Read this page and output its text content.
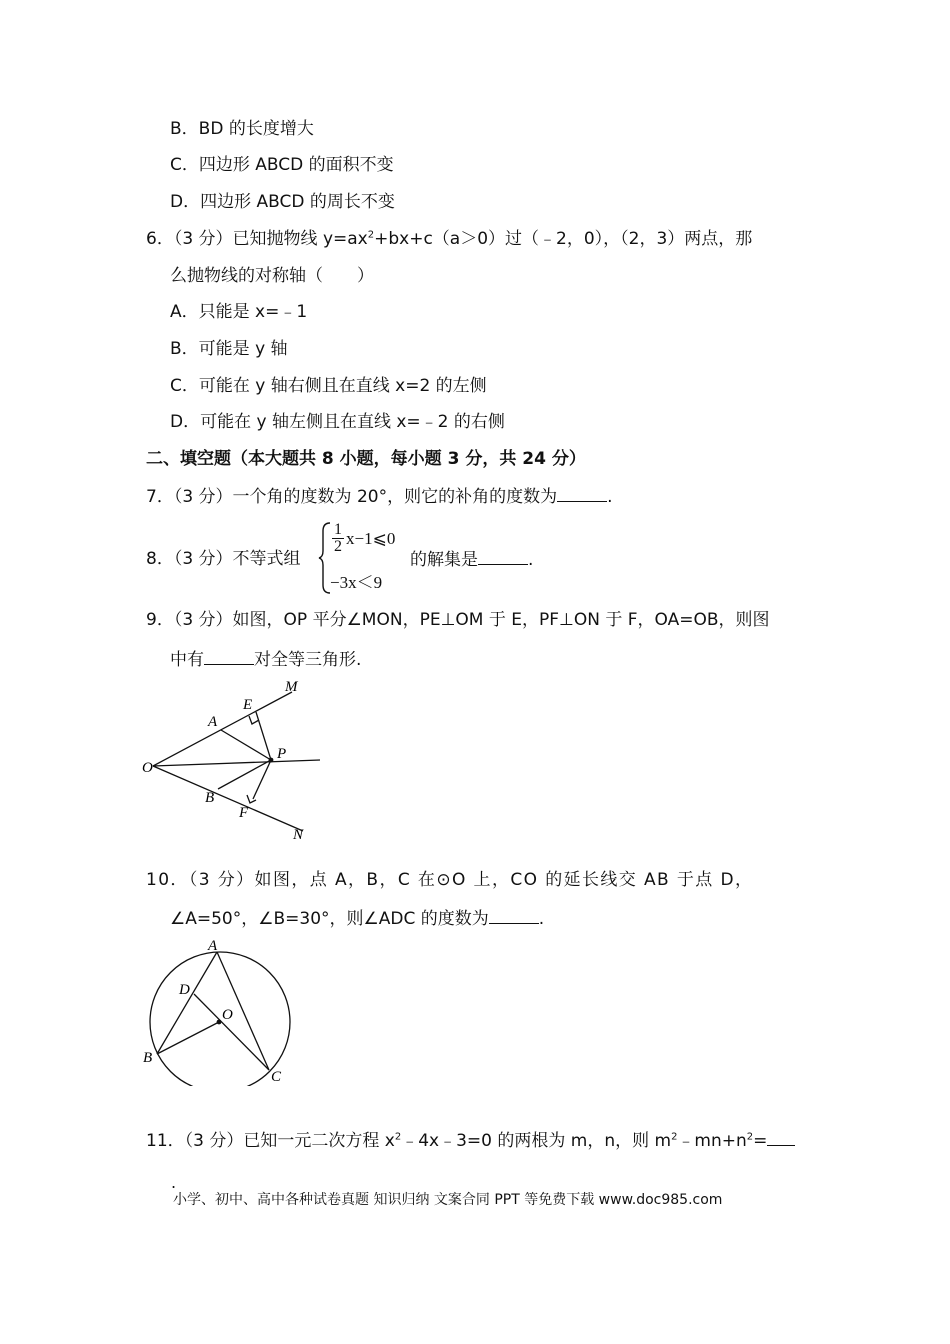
B．BD 的长度增大
C．四边形 ABCD 的面积不变
D．四边形 ABCD 的周长不变
6．（3 分）已知抛物线 $y=ax^2+bx+c(a>0)$过（﹣2，0），（2，3）两点，那
么抛物线的对称轴（　　）
A．只能是 x=﹣1
B．可能是 y 轴
C．可能在 y 轴右侧且在直线 x=2 的左侧
D．可能在 y 轴左侧且在直线 x=﹣2 的右侧
二、填空题（本大题共 8 小题，每小题 3 分，共 24 分）
7．（3 分）一个角的度数为 20°，则它的补角的度数为	.
8．（3 分）不等式组
$\frac{1}{2}$ x−1⩽0
−3x＜9
的解集是	.
9．（3 分）如图，OP 平分∠MON，PE⊥OM 于 E，PF⊥ON 于 F，OA=OB，则图
中有	对全等三角形.
O
A
B
E
F
M
N
P
10．（3 分）如图，点 A，B，C 在⊙O 上，CO 的延长线交 AB 于点 D，
∠A=50°，∠B=30°，则∠ADC 的度数为	.
A
B
C
D
O
11．（3 分）已知一元二次方程 $x^2﹣4x﹣3=0$ 的两根为 m，n，则 $m^2﹣mn+n^2=$
.
小学、初中、高中各种试卷真题 知识归纳 文案合同 PPT 等免费下载 www.doc985.com
